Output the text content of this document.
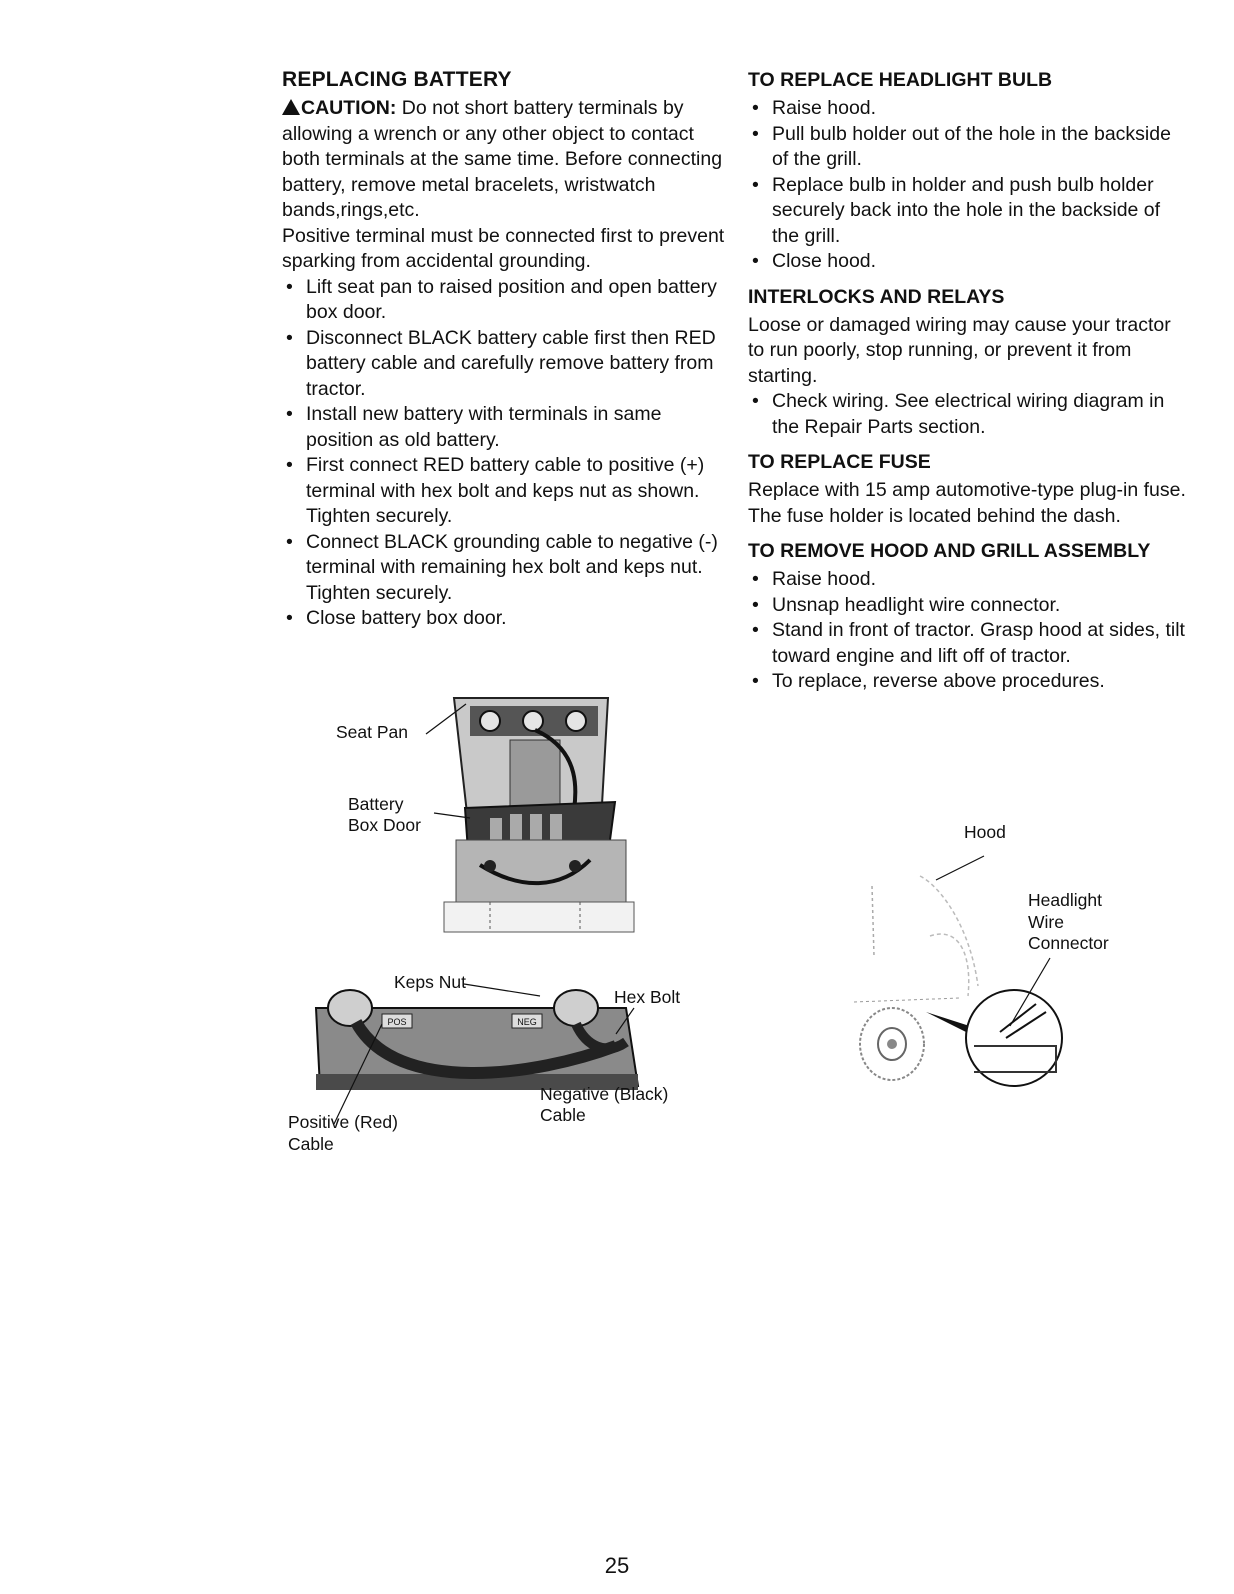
REPLACING BATTERY

CAUTION: Do not short battery terminals by allowing a wrench or any other object to contact both terminals at the same time. Before connecting battery, remove metal bracelets, wristwatch bands,rings,etc.

Positive terminal must be connected first to prevent sparking from accidental grounding.

• Lift seat pan to raised position and open battery box door.
• Disconnect BLACK battery cable first then RED battery cable and carefully remove battery from tractor.
• Install new battery with terminals in same position as old battery.
• First connect RED battery cable to positive (+) terminal with hex bolt and keps nut as shown. Tighten securely.
• Connect BLACK grounding cable to negative (-) terminal with remaining hex bolt and keps nut. Tighten securely.
• Close battery box door.
Seat Pan
Battery
Box Door
POS	NEG
Keps Nut
Hex Bolt
Negative (Black)
Cable
Positive (Red)
Cable
TO REPLACE HEADLIGHT BULB
• Raise hood.
• Pull bulb holder out of the hole in the backside of the grill.
• Replace bulb in holder and push bulb holder securely back into the hole in the backside of the grill.
• Close hood.
INTERLOCKS AND RELAYS

Loose or damaged wiring may cause your tractor to run poorly, stop running, or prevent it from starting.

• Check wiring. See electrical wiring diagram in the Repair Parts section.
TO REPLACE FUSE

Replace with 15 amp automotive-type plug-in fuse. The fuse holder is located behind the dash.

TO REMOVE HOOD AND GRILL ASSEMBLY
• Raise hood.
• Unsnap headlight wire connector.
• Stand in front of tractor. Grasp hood at sides, tilt toward engine and lift off of tractor.
• To replace, reverse above procedures.
Hood
Headlight
Wire
Connector
25
